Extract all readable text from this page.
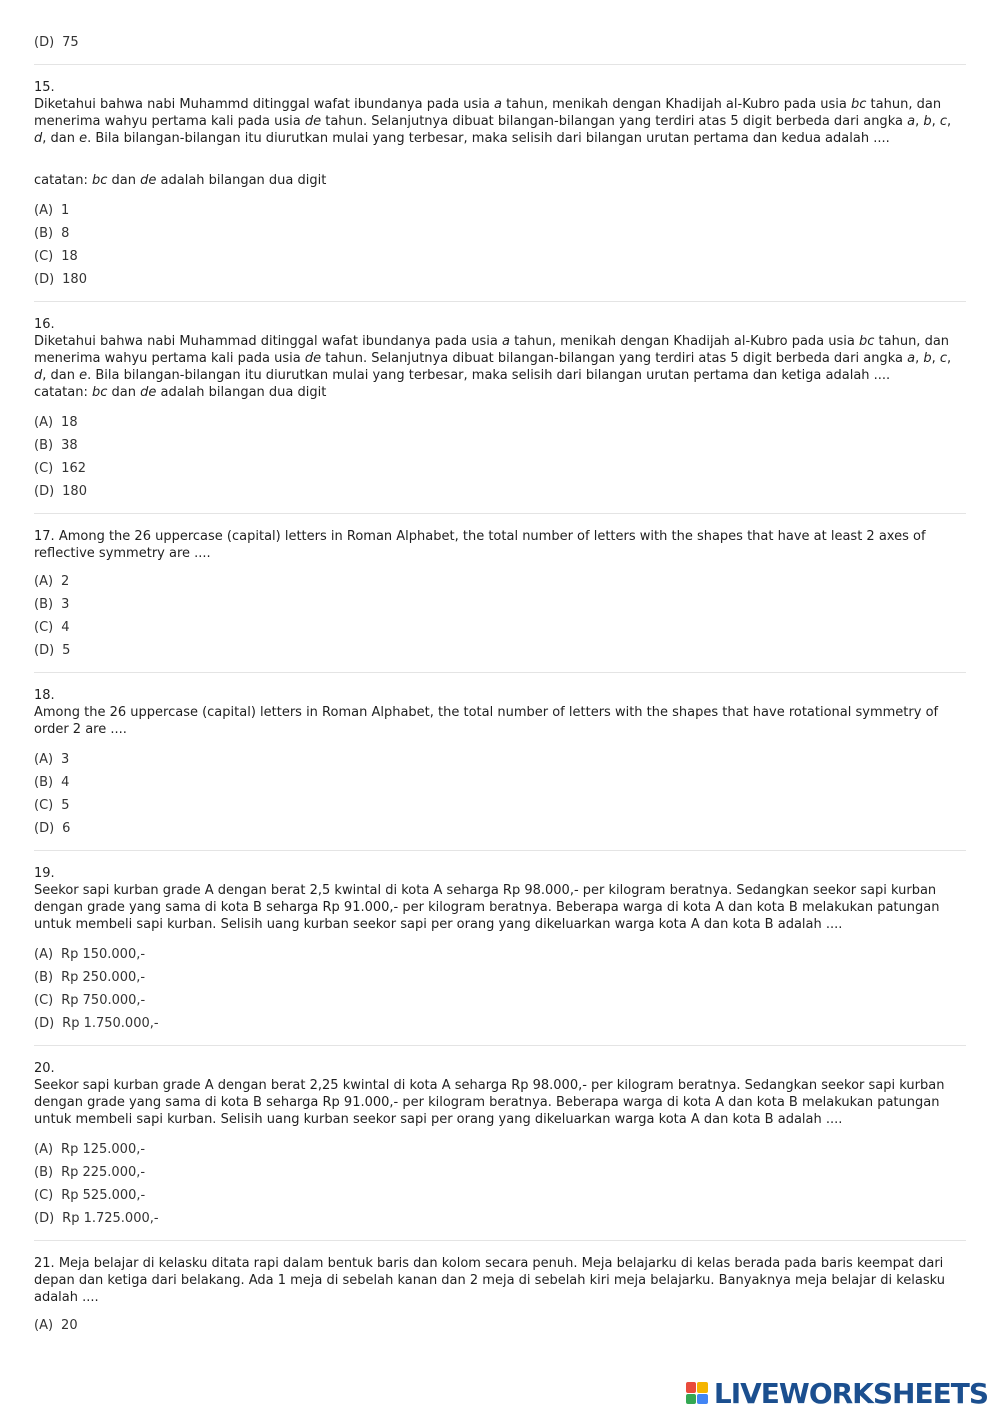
(D) 75
15.
Diketahui bahwa nabi Muhammd ditinggal wafat ibundanya pada usia a tahun, menikah dengan Khadijah al-Kubro pada usia bc tahun, dan menerima wahyu pertama kali pada usia de tahun. Selanjutnya dibuat bilangan-bilangan yang terdiri atas 5 digit berbeda dari angka a, b, c, d, dan e. Bila bilangan-bilangan itu diurutkan mulai yang terbesar, maka selisih dari bilangan urutan pertama dan kedua adalah ....
catatan: bc dan de adalah bilangan dua digit
(A) 1
(B) 8
(C) 18
(D) 180
16.
Diketahui bahwa nabi Muhammad ditinggal wafat ibundanya pada usia a tahun, menikah dengan Khadijah al-Kubro pada usia bc tahun, dan menerima wahyu pertama kali pada usia de tahun. Selanjutnya dibuat bilangan-bilangan yang terdiri atas 5 digit berbeda dari angka a, b, c, d, dan e. Bila bilangan-bilangan itu diurutkan mulai yang terbesar, maka selisih dari bilangan urutan pertama dan ketiga adalah ....
catatan: bc dan de adalah bilangan dua digit
(A) 18
(B) 38
(C) 162
(D) 180
17. Among the 26 uppercase (capital) letters in Roman Alphabet, the total number of letters with the shapes that have at least 2 axes of reflective symmetry are ....
(A) 2
(B) 3
(C) 4
(D) 5
18.
Among the 26 uppercase (capital) letters in Roman Alphabet, the total number of letters with the shapes that have rotational symmetry of order 2 are ....
(A) 3
(B) 4
(C) 5
(D) 6
19.
Seekor sapi kurban grade A dengan berat 2,5 kwintal di kota A seharga Rp 98.000,- per kilogram beratnya. Sedangkan seekor sapi kurban dengan grade yang sama di kota B seharga Rp 91.000,- per kilogram beratnya. Beberapa warga di kota A dan kota B melakukan patungan untuk membeli sapi kurban. Selisih uang kurban seekor sapi per orang yang dikeluarkan warga kota A dan kota B adalah ....
(A) Rp 150.000,-
(B) Rp 250.000,-
(C) Rp 750.000,-
(D) Rp 1.750.000,-
20.
Seekor sapi kurban grade A dengan berat 2,25 kwintal di kota A seharga Rp 98.000,- per kilogram beratnya. Sedangkan seekor sapi kurban dengan grade yang sama di kota B seharga Rp 91.000,- per kilogram beratnya. Beberapa warga di kota A dan kota B melakukan patungan untuk membeli sapi kurban. Selisih uang kurban seekor sapi per orang yang dikeluarkan warga kota A dan kota B adalah ....
(A) Rp 125.000,-
(B) Rp 225.000,-
(C) Rp 525.000,-
(D) Rp 1.725.000,-
21. Meja belajar di kelasku ditata rapi dalam bentuk baris dan kolom secara penuh. Meja belajarku di kelas berada pada baris keempat dari depan dan ketiga dari belakang. Ada 1 meja di sebelah kanan dan 2 meja di sebelah kiri meja belajarku. Banyaknya meja belajar di kelasku adalah ....
(A) 20
LIVEWORKSHEETS
